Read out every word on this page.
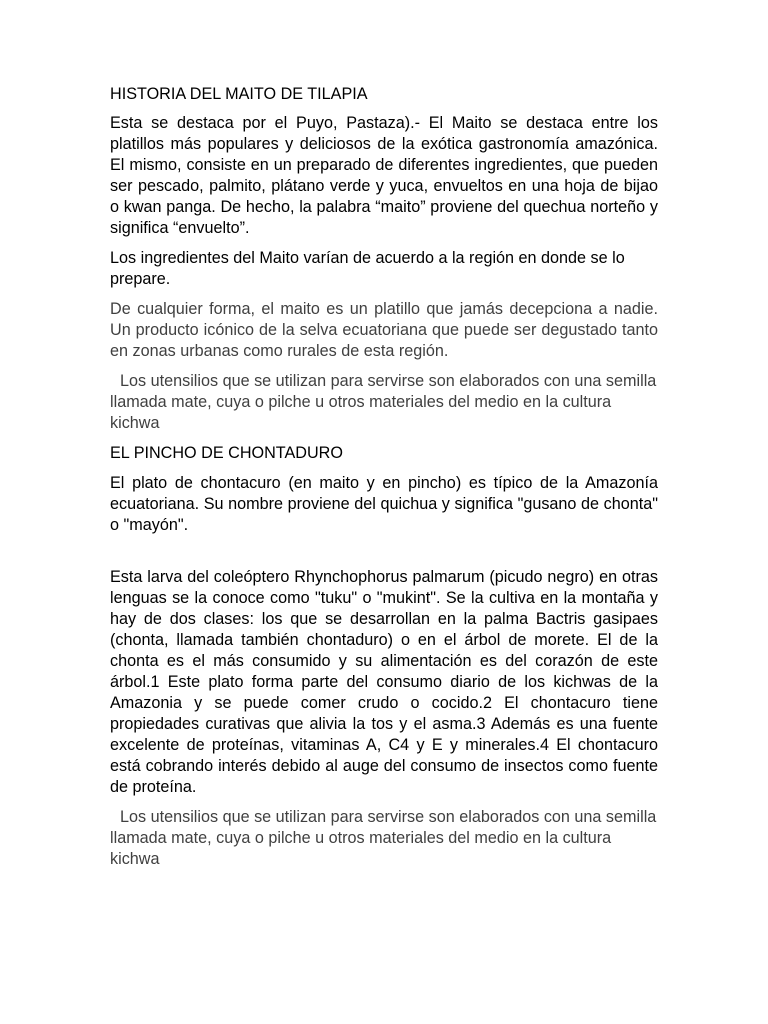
HISTORIA DEL MAITO DE TILAPIA

Esta se destaca por el Puyo, Pastaza).- El Maito se destaca entre los platillos más populares y deliciosos de la exótica gastronomía amazónica. El mismo, consiste en un preparado de diferentes ingredientes, que pueden ser pescado, palmito, plátano verde y yuca, envueltos en una hoja de bijao o kwan panga. De hecho, la palabra “maito” proviene del quechua norteño y significa “envuelto”.

Los ingredientes del Maito varían de acuerdo a la región en donde se lo prepare.

De cualquier forma, el maito es un platillo que jamás decepciona a nadie. Un producto icónico de la selva ecuatoriana que puede ser degustado tanto en zonas urbanas como rurales de esta región.

Los utensilios que se utilizan para servirse son elaborados con una semilla llamada mate, cuya o pilche u otros materiales del medio en la cultura kichwa

EL PINCHO DE CHONTADURO

El plato de chontacuro (en maito y en pincho) es típico de la Amazonía ecuatoriana. Su nombre proviene del quichua y significa "gusano de chonta" o "mayón".

Esta larva del coleóptero Rhynchophorus palmarum (picudo negro) en otras lenguas se la conoce como "tuku" o "mukint". Se la cultiva en la montaña y hay de dos clases: los que se desarrollan en la palma Bactris gasipaes (chonta, llamada también chontaduro) o en el árbol de morete. El de la chonta es el más consumido y su alimentación es del corazón de este árbol.1 Este plato forma parte del consumo diario de los kichwas de la Amazonia y se puede comer crudo o cocido.2 El chontacuro tiene propiedades curativas que alivia la tos y el asma.3 Además es una fuente excelente de proteínas, vitaminas A, C4 y E y minerales.4 El chontacuro está cobrando interés debido al auge del consumo de insectos como fuente de proteína.

Los utensilios que se utilizan para servirse son elaborados con una semilla llamada mate, cuya o pilche u otros materiales del medio en la cultura kichwa
